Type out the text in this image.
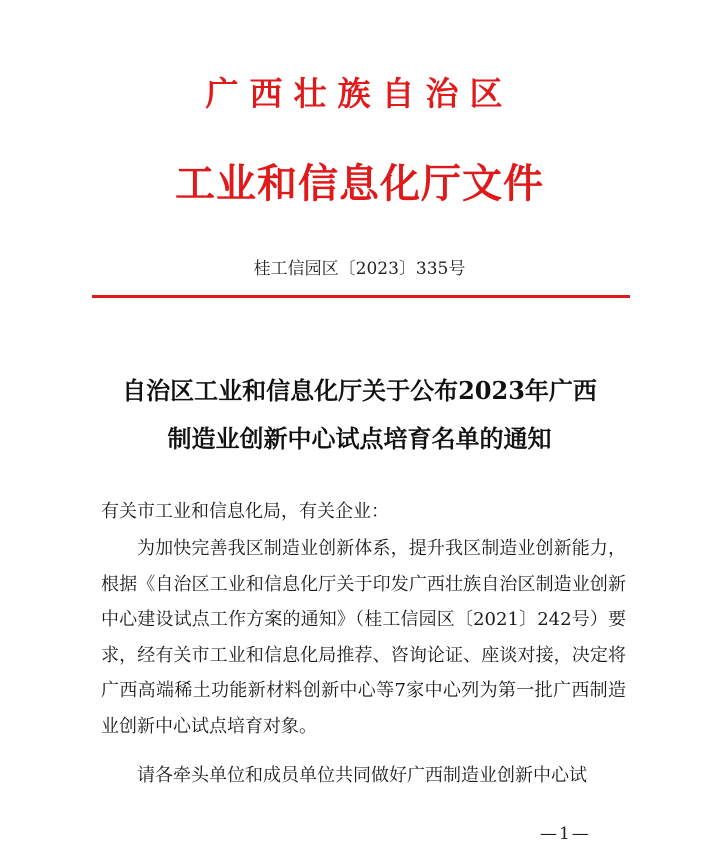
广西壮族自治区
工业和信息化厅文件
桂工信园区〔2023〕335号
自治区工业和信息化厅关于公布2023年广西
制造业创新中心试点培育名单的通知
有关市工业和信息化局，有关企业：
为加快完善我区制造业创新体系，提升我区制造业创新能力，根据《自治区工业和信息化厅关于印发广西壮族自治区制造业创新中心建设试点工作方案的通知》（桂工信园区〔2021〕242号）要求，经有关市工业和信息化局推荐、咨询论证、座谈对接，决定将广西高端稀土功能新材料创新中心等7家中心列为第一批广西制造业创新中心试点培育对象。
请各牵头单位和成员单位共同做好广西制造业创新中心试
—1—
